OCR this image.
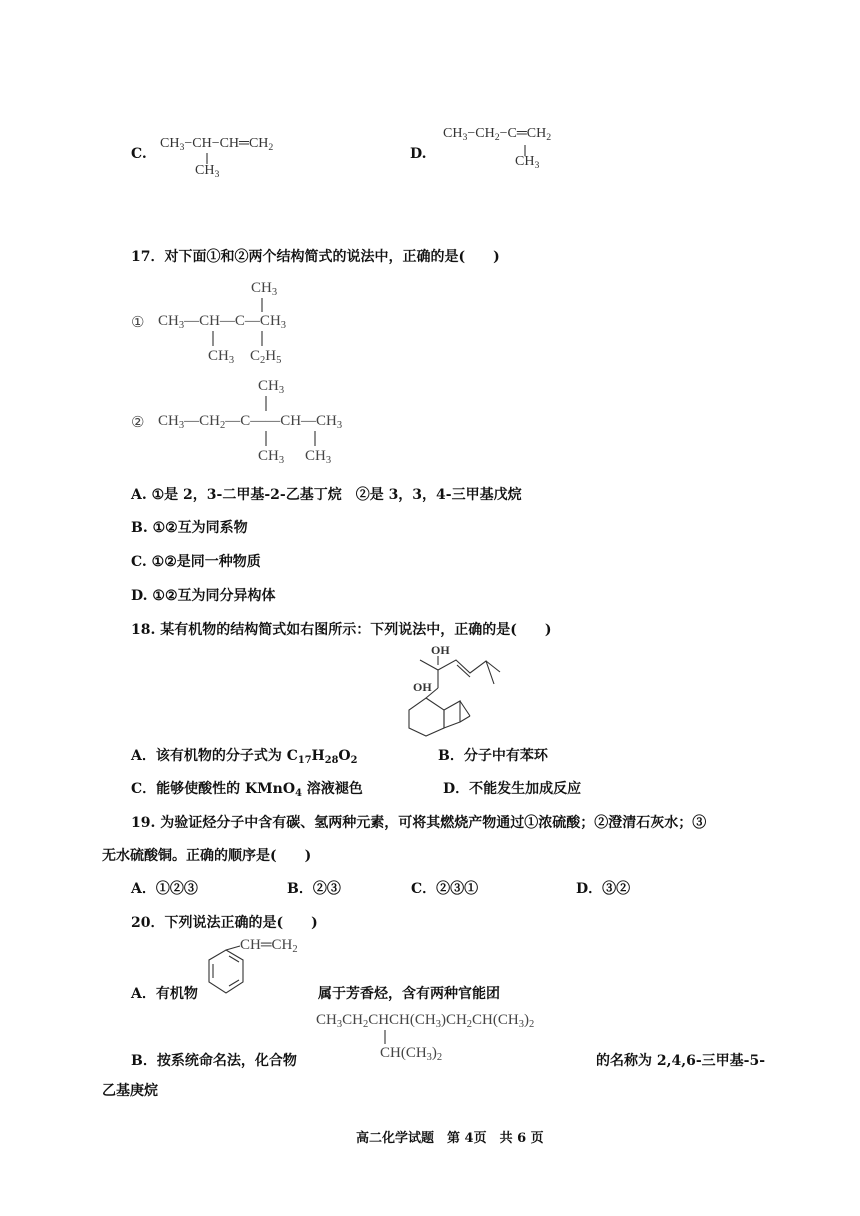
C.
$CH_3-CH-CH═CH_2$
$CH_3$
D.
$CH_3-CH_2-C═CH_2$
$CH_3$
17．对下面①和②两个结构简式的说法中，正确的是(　　)
$CH_3$
① $CH_3—CH—C—CH_3$
$CH_3$ $C_2H_5$
$CH_3$
② $CH_3—CH_2—C——CH—CH_3$
$CH_3$ $CH_3$
A. ①是 2，3-二甲基-2-乙基丁烷　②是 3，3，4-三甲基戊烷
B. ①②互为同系物
C. ①②是同一种物质
D. ①②互为同分异构体
18. 某有机物的结构简式如右图所示：下列说法中，正确的是(　　)
OH
OH
A．该有机物的分子式为 $C_{17}H_{28}O_2$	B．分子中有苯环
C．能够使酸性的 KMnO$_4$ 溶液褪色	D．不能发生加成反应
19. 为验证烃分子中含有碳、氢两种元素，可将其燃烧产物通过①浓硫酸；②澄清石灰水；③
无水硫酸铜。正确的顺序是(　　)
A．①②③	B．②③	C．②③①	D．③②
20．下列说法正确的是(　　)
$CH═CH_2$
A．有机物	属于芳香烃，含有两种官能团
$CH_3CH_2CHCH(CH_3)CH_2CH(CH_3)_2$
$CH(CH_3)_2$
B．按系统命名法，化合物	的名称为 2,4,6-三甲基-5-
乙基庚烷
高二化学试题　第 4页　共 6 页
